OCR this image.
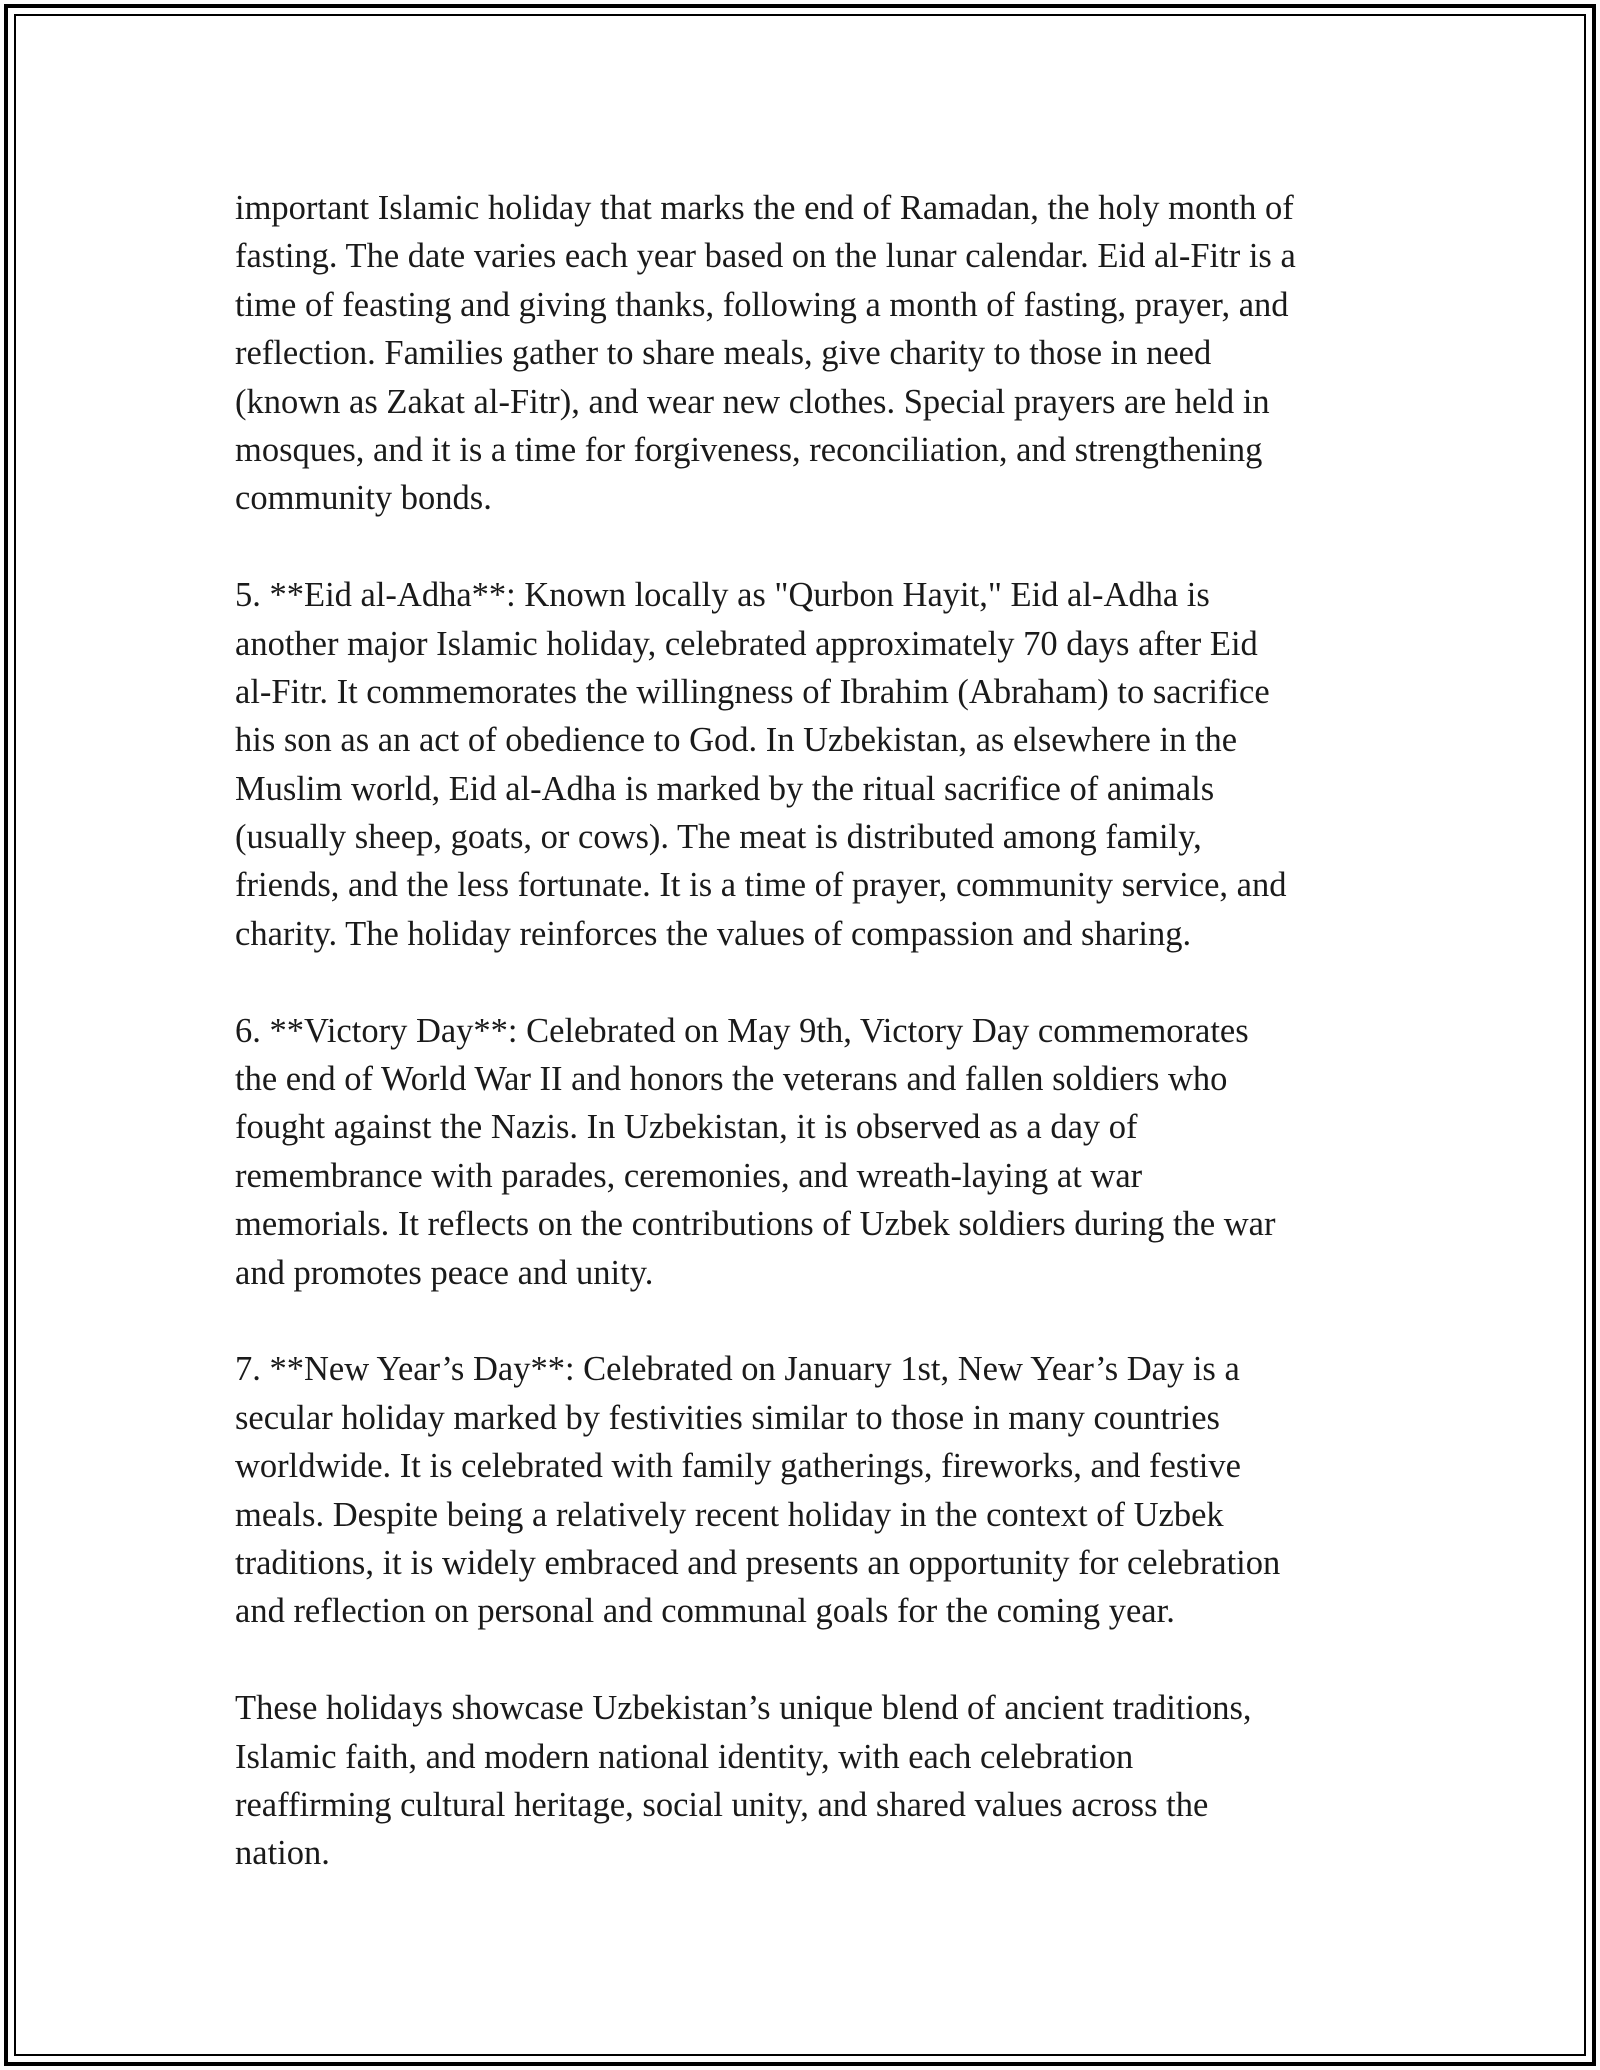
important Islamic holiday that marks the end of Ramadan, the holy month of
fasting. The date varies each year based on the lunar calendar. Eid al-Fitr is a
time of feasting and giving thanks, following a month of fasting, prayer, and
reflection. Families gather to share meals, give charity to those in need
(known as Zakat al-Fitr), and wear new clothes. Special prayers are held in
mosques, and it is a time for forgiveness, reconciliation, and strengthening
community bonds.
5. **Eid al-Adha**: Known locally as "Qurbon Hayit," Eid al-Adha is
another major Islamic holiday, celebrated approximately 70 days after Eid
al-Fitr. It commemorates the willingness of Ibrahim (Abraham) to sacrifice
his son as an act of obedience to God. In Uzbekistan, as elsewhere in the
Muslim world, Eid al-Adha is marked by the ritual sacrifice of animals
(usually sheep, goats, or cows). The meat is distributed among family,
friends, and the less fortunate. It is a time of prayer, community service, and
charity. The holiday reinforces the values of compassion and sharing.
6. **Victory Day**: Celebrated on May 9th, Victory Day commemorates
the end of World War II and honors the veterans and fallen soldiers who
fought against the Nazis. In Uzbekistan, it is observed as a day of
remembrance with parades, ceremonies, and wreath-laying at war
memorials. It reflects on the contributions of Uzbek soldiers during the war
and promotes peace and unity.
7. **New Year’s Day**: Celebrated on January 1st, New Year’s Day is a
secular holiday marked by festivities similar to those in many countries
worldwide. It is celebrated with family gatherings, fireworks, and festive
meals. Despite being a relatively recent holiday in the context of Uzbek
traditions, it is widely embraced and presents an opportunity for celebration
and reflection on personal and communal goals for the coming year.
These holidays showcase Uzbekistan’s unique blend of ancient traditions,
Islamic faith, and modern national identity, with each celebration
reaffirming cultural heritage, social unity, and shared values across the
nation.
